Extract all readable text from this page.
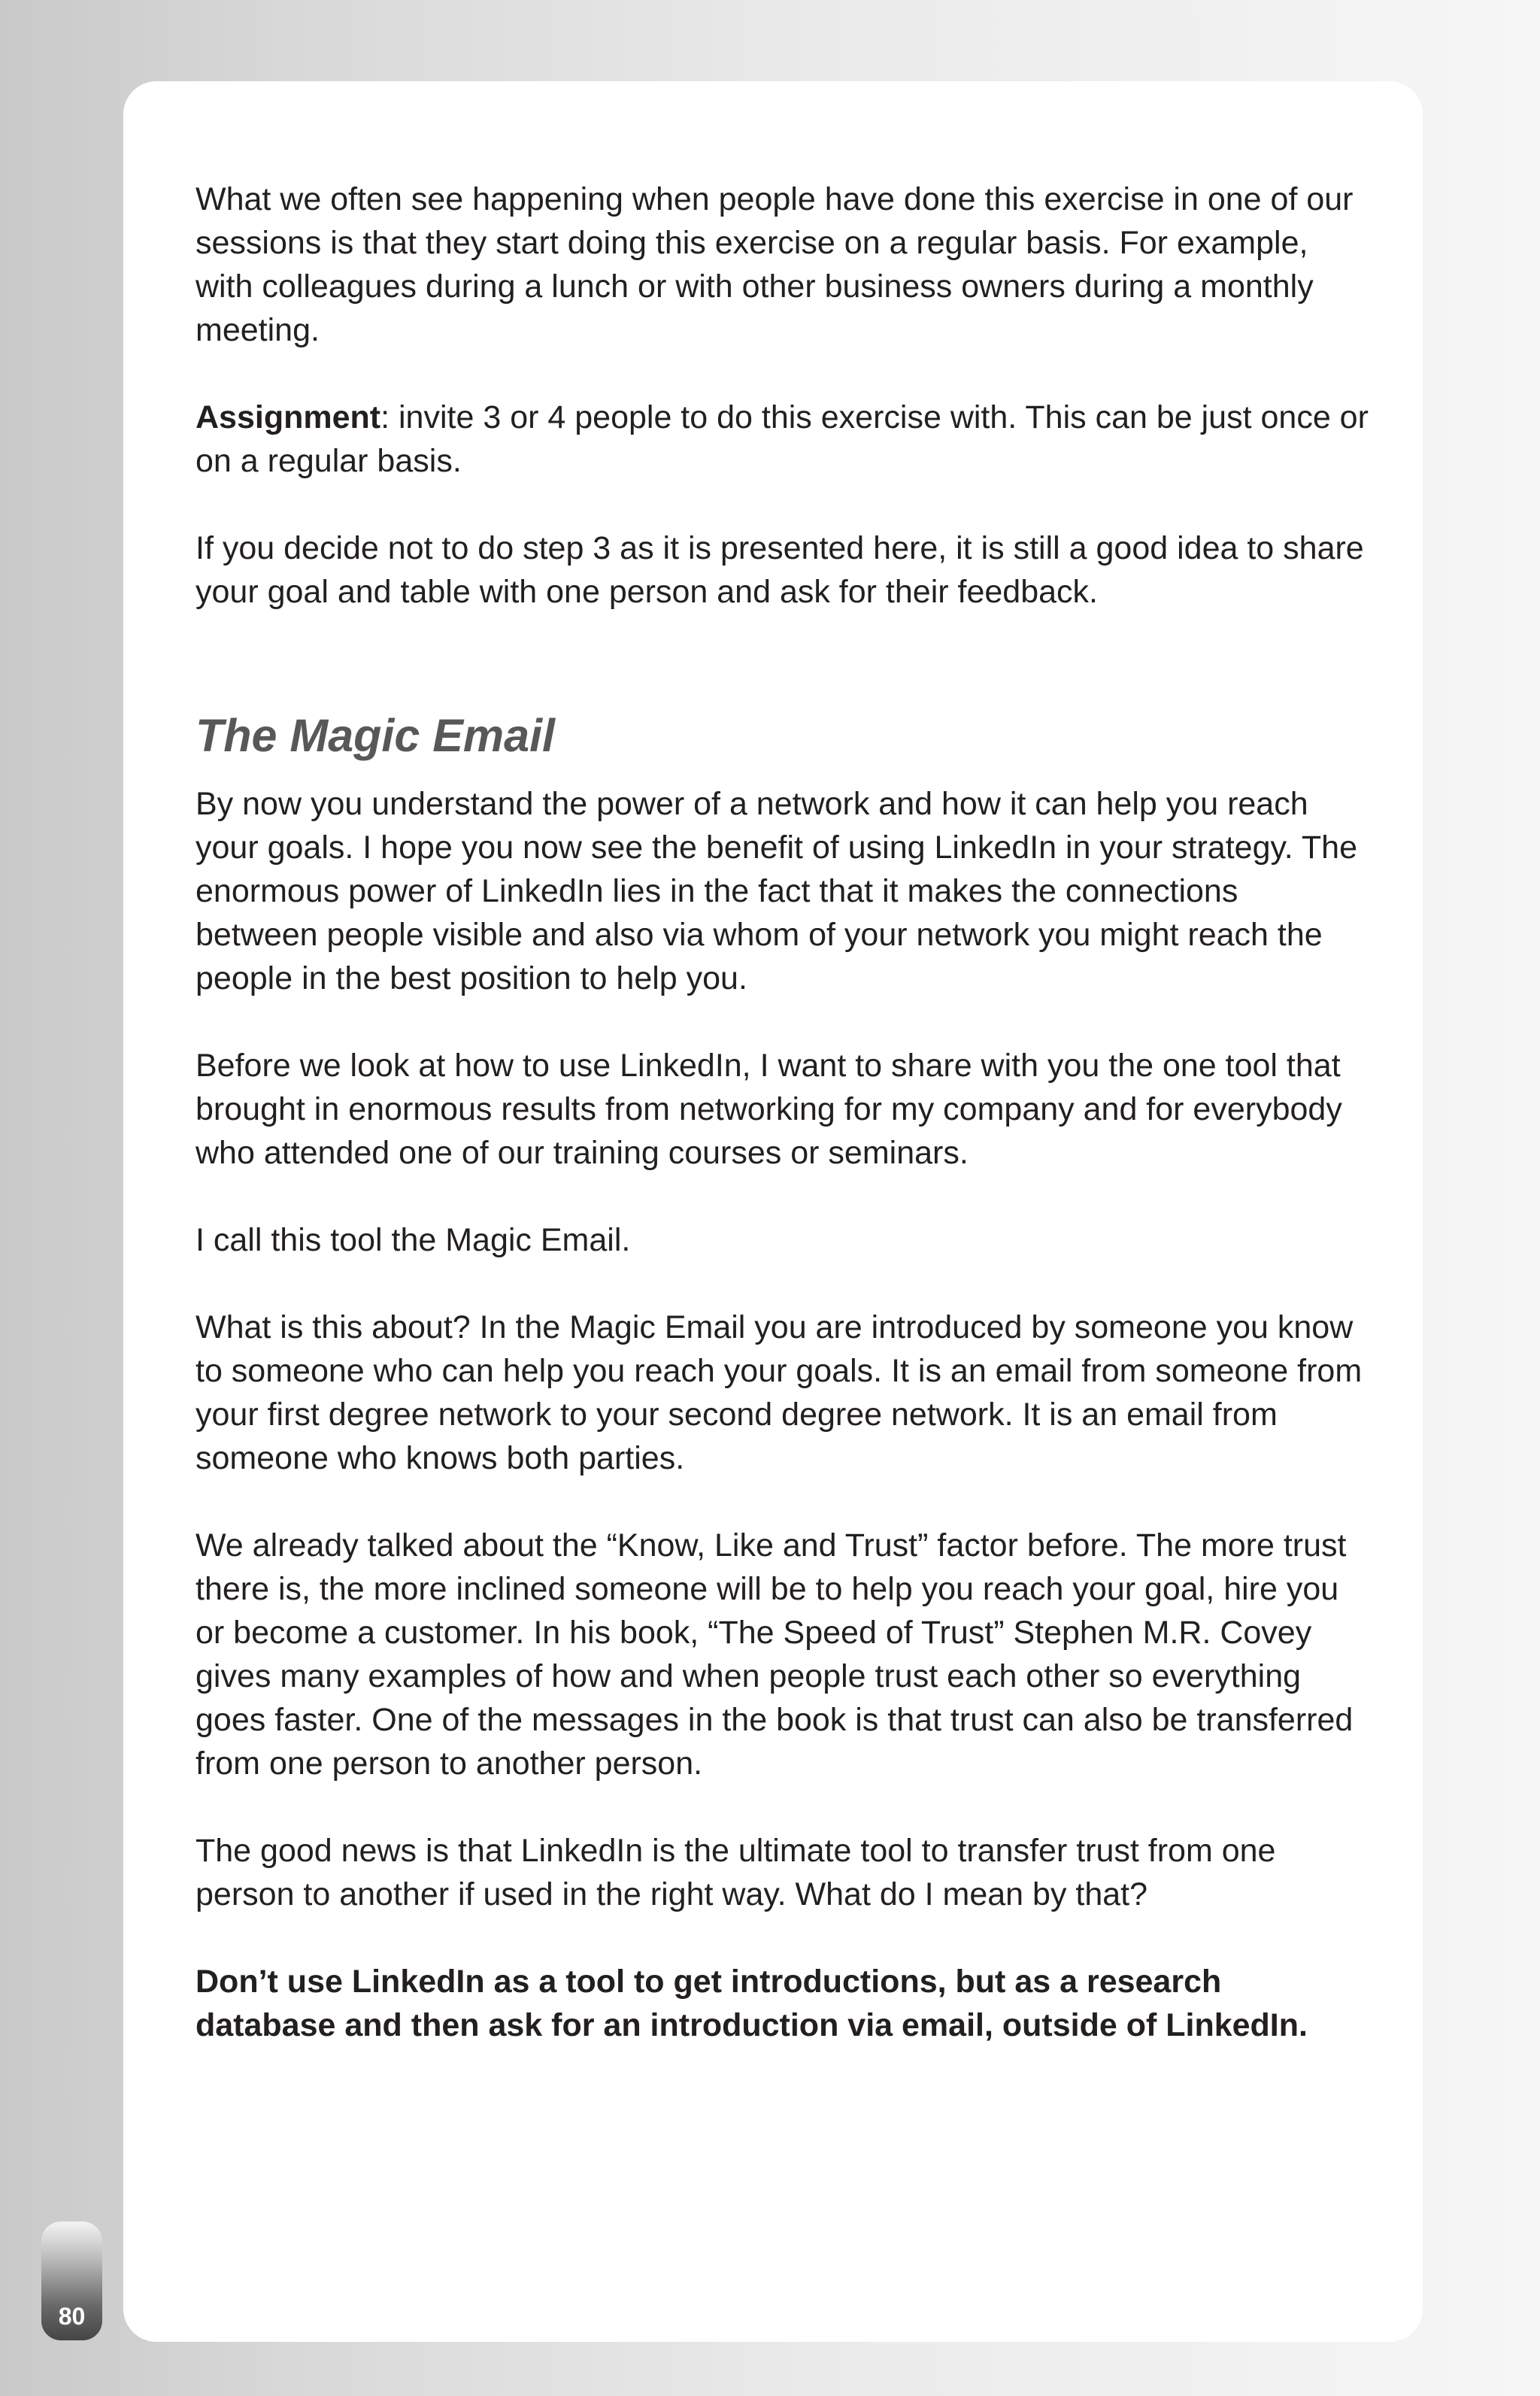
What we often see happening when people have done this exercise in one of our sessions is that they start doing this exercise on a regular basis. For example, with colleagues during a lunch or with other business owners during a monthly meeting.

Assignment: invite 3 or 4 people to do this exercise with. This can be just once or on a regular basis.

If you decide not to do step 3 as it is presented here, it is still a good idea to share your goal and table with one person and ask for their feedback.

The Magic Email

By now you understand the power of a network and how it can help you reach your goals. I hope you now see the benefit of using LinkedIn in your strategy. The enormous power of LinkedIn lies in the fact that it makes the connections between people visible and also via whom of your network you might reach the people in the best position to help you.

Before we look at how to use LinkedIn, I want to share with you the one tool that brought in enormous results from networking for my company and for everybody who attended one of our training courses or seminars.

I call this tool the Magic Email.

What is this about? In the Magic Email you are introduced by someone you know to someone who can help you reach your goals. It is an email from someone from your first degree network to your second degree network. It is an email from someone who knows both parties.

We already talked about the “Know, Like and Trust” factor before. The more trust there is, the more inclined someone will be to help you reach your goal, hire you or become a customer. In his book, “The Speed of Trust” Stephen M.R. Covey gives many examples of how and when people trust each other so everything goes faster. One of the messages in the book is that trust can also be transferred from one person to another person.

The good news is that LinkedIn is the ultimate tool to transfer trust from one person to another if used in the right way. What do I mean by that?

Don’t use LinkedIn as a tool to get introductions, but as a research database and then ask for an introduction via email, outside of LinkedIn.

80
